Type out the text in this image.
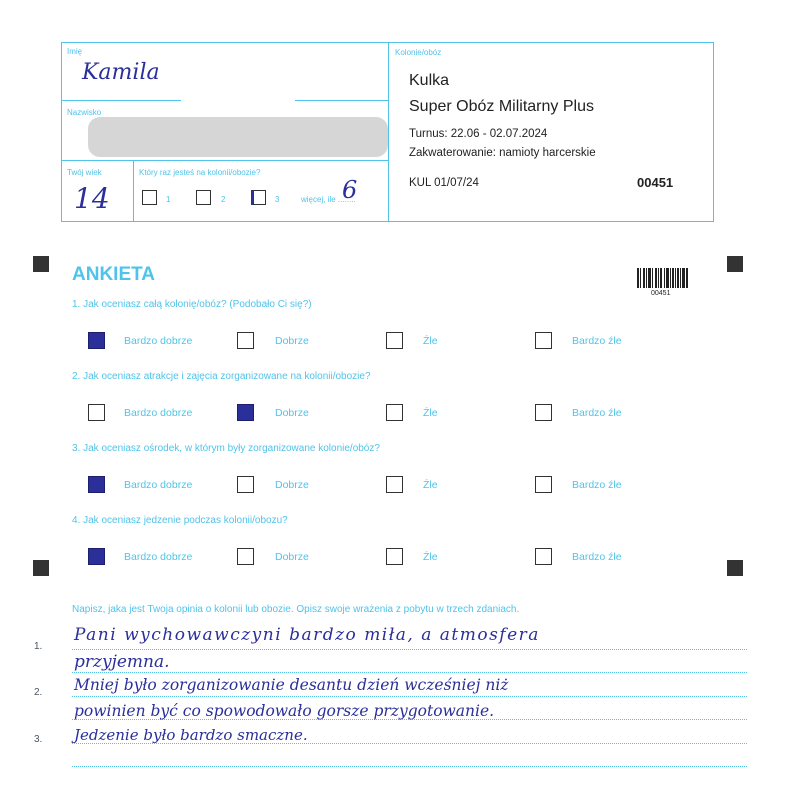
Imię
Kamila
Nazwisko
Twój wiek
14
Który raz jesteś na kolonii/obozie?
1	2	3	więcej, ile ........
6
Kolonie/obóz
Kulka
Super Obóz Militarny Plus
Turnus: 22.06 - 02.07.2024
Zakwaterowanie: namioty harcerskie
KUL 01/07/24	00451
ANKIETA
00451
1. Jak oceniasz całą kolonię/obóz? (Podobało Ci się?)
Bardzo dobrze	Dobrze	Źle	Bardzo źle
2. Jak oceniasz atrakcje i zajęcia zorganizowane na kolonii/obozie?
Bardzo dobrze	Dobrze	Źle	Bardzo źle
3. Jak oceniasz ośrodek, w którym były zorganizowane kolonie/obóz?
Bardzo dobrze	Dobrze	Źle	Bardzo źle
4. Jak oceniasz jedzenie podczas kolonii/obozu?
Bardzo dobrze	Dobrze	Źle	Bardzo źle
Napisz, jaka jest Twoja opinia o kolonii lub obozie. Opisz swoje wrażenia z pobytu w trzech zdaniach.
1.
2.
3.
Pani wychowawczyni bardzo miła, a atmosfera
przyjemna.
Mniej było zorganizowanie desantu dzień wcześniej niż
powinien być co spowodowało gorsze przygotowanie.
Jedzenie było bardzo smaczne.
